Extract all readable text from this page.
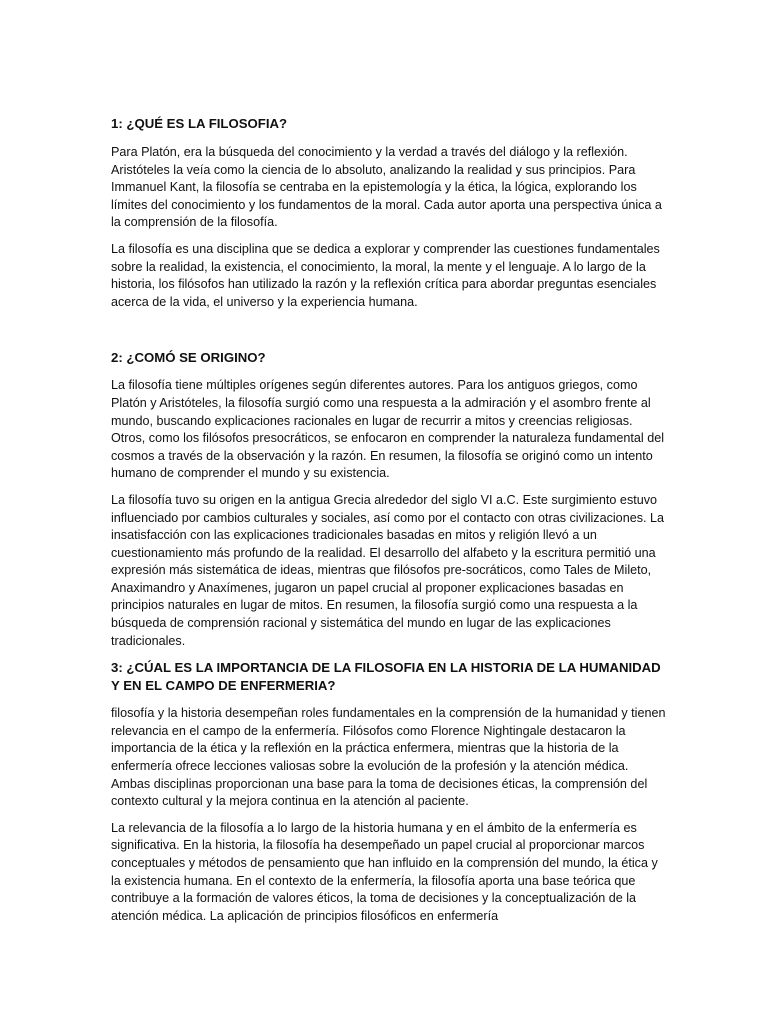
1: ¿QUÉ ES LA FILOSOFIA?

Para Platón, era la búsqueda del conocimiento y la verdad a través del diálogo y la reflexión. Aristóteles la veía como la ciencia de lo absoluto, analizando la realidad y sus principios. Para Immanuel Kant, la filosofía se centraba en la epistemología y la ética, la lógica, explorando los límites del conocimiento y los fundamentos de la moral. Cada autor aporta una perspectiva única a la comprensión de la filosofía.

La filosofía es una disciplina que se dedica a explorar y comprender las cuestiones fundamentales sobre la realidad, la existencia, el conocimiento, la moral, la mente y el lenguaje. A lo largo de la historia, los filósofos han utilizado la razón y la reflexión crítica para abordar preguntas esenciales acerca de la vida, el universo y la experiencia humana.

2: ¿COMÓ SE ORIGINO?

La filosofía tiene múltiples orígenes según diferentes autores. Para los antiguos griegos, como Platón y Aristóteles, la filosofía surgió como una respuesta a la admiración y el asombro frente al mundo, buscando explicaciones racionales en lugar de recurrir a mitos y creencias religiosas. Otros, como los filósofos presocráticos, se enfocaron en comprender la naturaleza fundamental del cosmos a través de la observación y la razón. En resumen, la filosofía se originó como un intento humano de comprender el mundo y su existencia.

La filosofía tuvo su origen en la antigua Grecia alrededor del siglo VI a.C. Este surgimiento estuvo influenciado por cambios culturales y sociales, así como por el contacto con otras civilizaciones. La insatisfacción con las explicaciones tradicionales basadas en mitos y religión llevó a un cuestionamiento más profundo de la realidad. El desarrollo del alfabeto y la escritura permitió una expresión más sistemática de ideas, mientras que filósofos pre-socráticos, como Tales de Mileto, Anaximandro y Anaxímenes, jugaron un papel crucial al proponer explicaciones basadas en principios naturales en lugar de mitos. En resumen, la filosofía surgió como una respuesta a la búsqueda de comprensión racional y sistemática del mundo en lugar de las explicaciones tradicionales.

3: ¿CÚAL ES LA IMPORTANCIA DE LA FILOSOFIA EN LA HISTORIA DE LA HUMANIDAD Y EN EL CAMPO DE ENFERMERIA?

filosofía y la historia desempeñan roles fundamentales en la comprensión de la humanidad y tienen relevancia en el campo de la enfermería. Filósofos como Florence Nightingale destacaron la importancia de la ética y la reflexión en la práctica enfermera, mientras que la historia de la enfermería ofrece lecciones valiosas sobre la evolución de la profesión y la atención médica. Ambas disciplinas proporcionan una base para la toma de decisiones éticas, la comprensión del contexto cultural y la mejora continua en la atención al paciente.

La relevancia de la filosofía a lo largo de la historia humana y en el ámbito de la enfermería es significativa. En la historia, la filosofía ha desempeñado un papel crucial al proporcionar marcos conceptuales y métodos de pensamiento que han influido en la comprensión del mundo, la ética y la existencia humana. En el contexto de la enfermería, la filosofía aporta una base teórica que contribuye a la formación de valores éticos, la toma de decisiones y la conceptualización de la atención médica. La aplicación de principios filosóficos en enfermería
